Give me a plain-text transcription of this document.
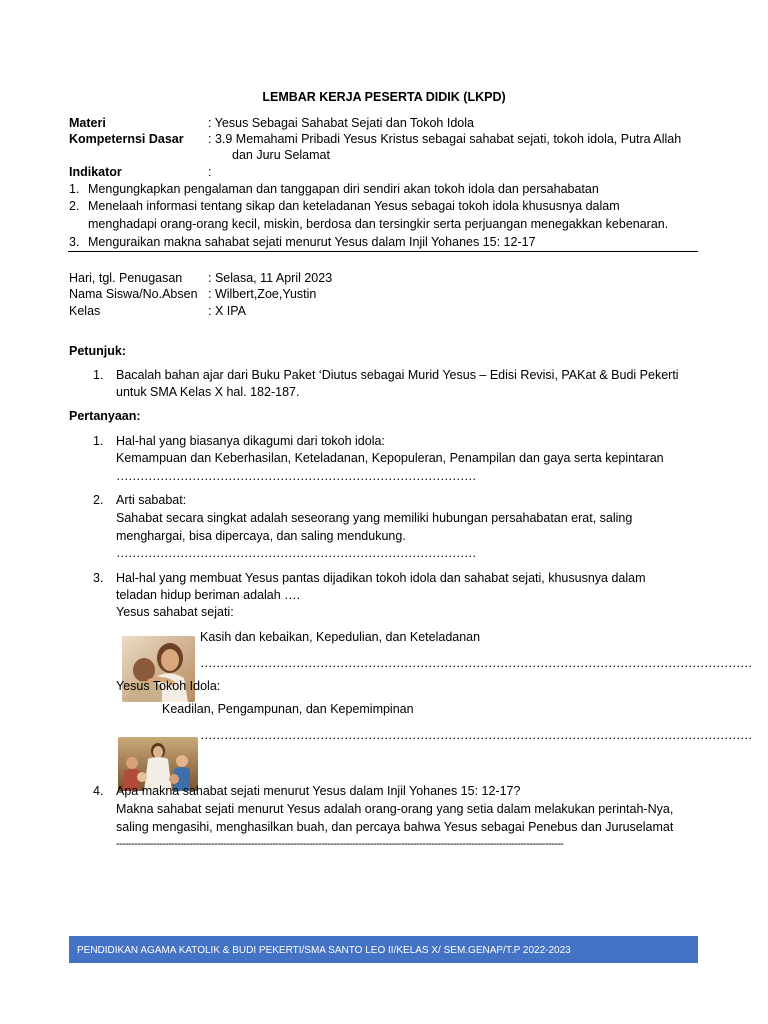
LEMBAR KERJA PESERTA DIDIK (LKPD)
Materi	: Yesus Sebagai Sahabat Sejati dan Tokoh Idola
Kompeternsi Dasar : 3.9 Memahami Pribadi Yesus Kristus sebagai sahabat sejati, tokoh idola, Putra Allah
dan Juru Selamat
Indikator	:
1. Mengungkapkan pengalaman dan tanggapan diri sendiri akan tokoh idola dan persahabatan
2. Menelaah informasi tentang sikap dan keteladanan Yesus sebagai tokoh idola khususnya dalam
menghadapi orang-orang kecil, miskin, berdosa dan tersingkir serta perjuangan menegakkan kebenaran.
3. Menguraikan makna sahabat sejati menurut Yesus dalam Injil Yohanes 15: 12-17
Hari, tgl. Penugasan : Selasa, 11 April 2023
Nama Siswa/No.Absen : Wilbert,Zoe,Yustin
Kelas	: X IPA
Petunjuk:
1. Bacalah bahan ajar dari Buku Paket ‘Diutus sebagai Murid Yesus – Edisi Revisi, PAKat & Budi Pekerti
untuk SMA Kelas X hal. 182-187.
Pertanyaan:
1. Hal-hal yang biasanya dikagumi dari tokoh idola:
Kemampuan dan Keberhasilan, Keteladanan, Kepopuleran, Penampilan dan gaya serta kepintaran
………………………………………………………………………………
2. Arti sababat:
Sahabat secara singkat adalah seseorang yang memiliki hubungan persahabatan erat, saling
menghargai, bisa dipercaya, dan saling mendukung.
………………………………………………………………………………
3. Hal-hal yang membuat Yesus pantas dijadikan tokoh idola dan sahabat sejati, khususnya dalam
teladan hidup beriman adalah ….
Yesus sahabat sejati:
Kasih dan kebaikan, Kepedulian, dan Keteladanan
…………………………………………………………………………………………………………………………
Yesus Tokoh Idola:
Keadilan, Pengampunan, dan Kepemimpinan
…………………………………………………………………………………………………………………………
4. Apa makna sahabat sejati menurut Yesus dalam Injil Yohanes 15: 12-17?
Makna sahabat sejati menurut Yesus adalah orang-orang yang setia dalam melakukan perintah-Nya,
saling mengasihi, menghasilkan buah, dan percaya bahwa Yesus sebagai Penebus dan Juruselamat
--------------------------------------------------------------------------------------------------------------------------------------------------
PENDIDIKAN AGAMA KATOLIK & BUDI PEKERTI/SMA SANTO LEO II/KELAS X/ SEM.GENAP/T.P 2022-2023
